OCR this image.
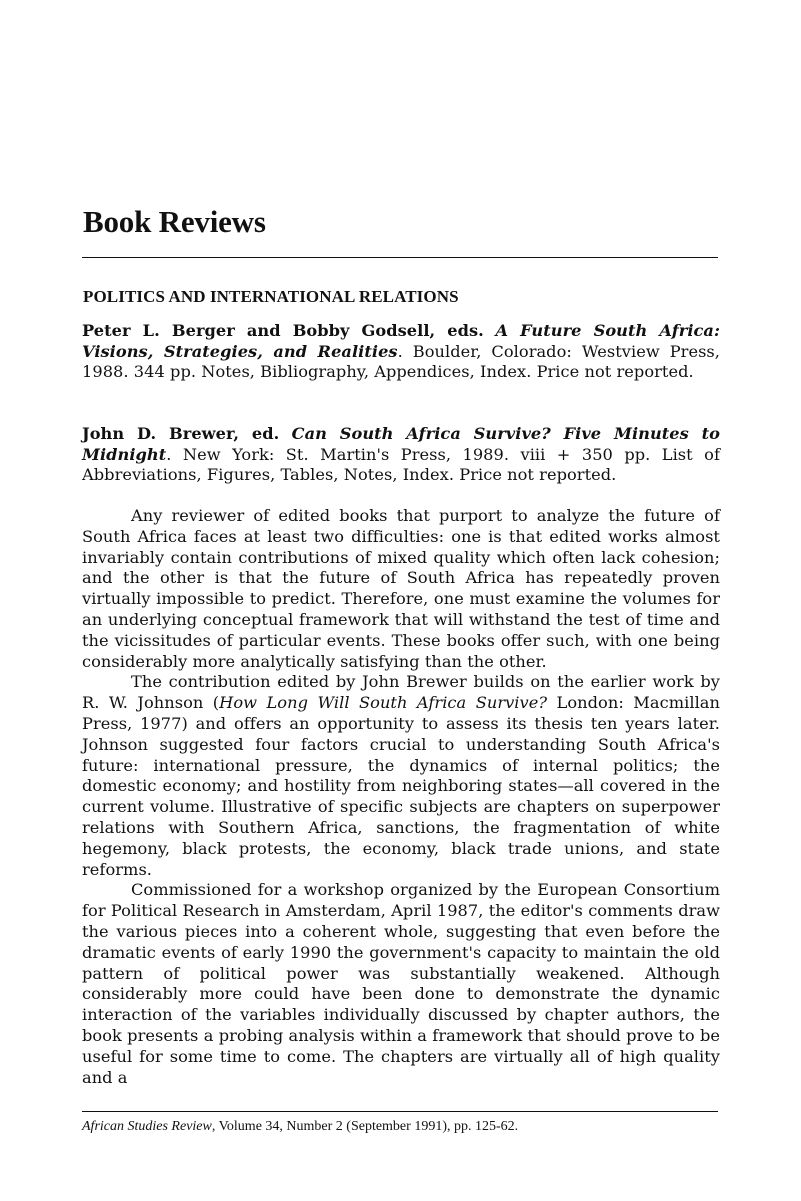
Book Reviews
POLITICS AND INTERNATIONAL RELATIONS

Peter L. Berger and Bobby Godsell, eds. A Future South Africa: Visions, Strategies, and Realities. Boulder, Colorado: Westview Press, 1988. 344 pp. Notes, Bibliography, Appendices, Index. Price not reported.

John D. Brewer, ed. Can South Africa Survive? Five Minutes to Midnight. New York: St. Martin's Press, 1989. viii + 350 pp. List of Abbreviations, Figures, Tables, Notes, Index. Price not reported.

Any reviewer of edited books that purport to analyze the future of South Africa faces at least two difficulties: one is that edited works almost invariably contain contributions of mixed quality which often lack cohesion; and the other is that the future of South Africa has repeatedly proven virtually impossible to predict. Therefore, one must examine the volumes for an underlying conceptual framework that will withstand the test of time and the vicissitudes of particular events. These books offer such, with one being considerably more analytically satisfying than the other.

The contribution edited by John Brewer builds on the earlier work by R. W. Johnson (How Long Will South Africa Survive? London: Macmillan Press, 1977) and offers an opportunity to assess its thesis ten years later. Johnson suggested four factors crucial to understanding South Africa's future: international pressure, the dynamics of internal politics; the domestic economy; and hostility from neighboring states—all covered in the current volume. Illustrative of specific subjects are chapters on superpower relations with Southern Africa, sanctions, the fragmentation of white hegemony, black protests, the economy, black trade unions, and state reforms.

Commissioned for a workshop organized by the European Consortium for Political Research in Amsterdam, April 1987, the editor's comments draw the various pieces into a coherent whole, suggesting that even before the dramatic events of early 1990 the government's capacity to maintain the old pattern of political power was substantially weakened. Although considerably more could have been done to demonstrate the dynamic interaction of the variables individually discussed by chapter authors, the book presents a probing analysis within a framework that should prove to be useful for some time to come. The chapters are virtually all of high quality and a

African Studies Review, Volume 34, Number 2 (September 1991), pp. 125-62.
